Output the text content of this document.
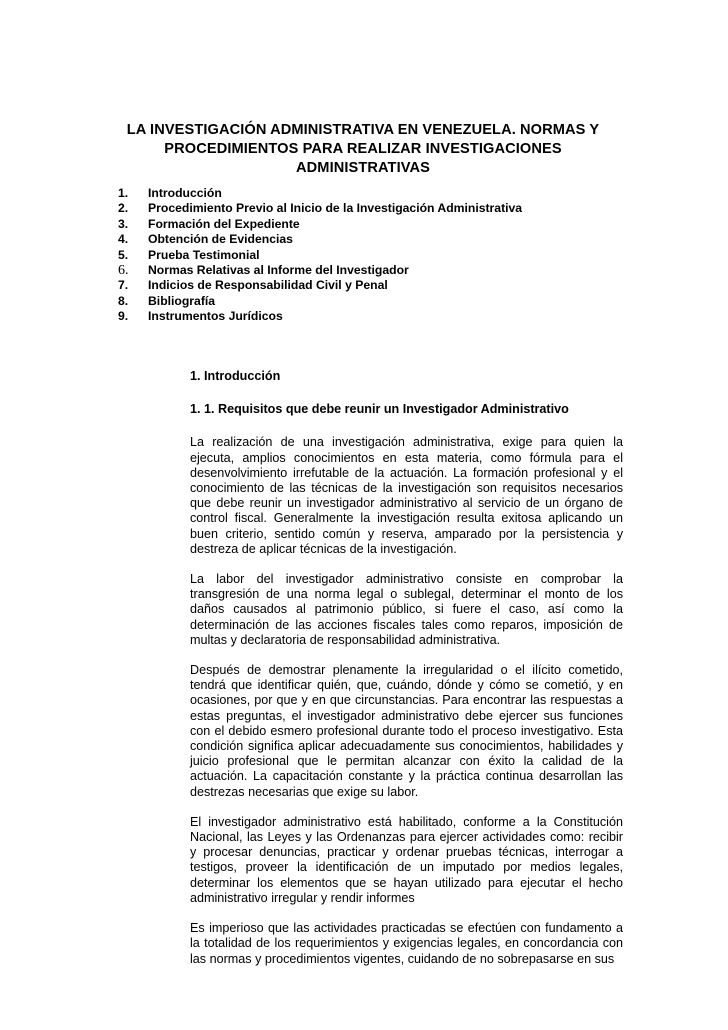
LA INVESTIGACIÓN ADMINISTRATIVA EN VENEZUELA. NORMAS Y PROCEDIMIENTOS PARA REALIZAR INVESTIGACIONES ADMINISTRATIVAS
1. Introducción
2. Procedimiento Previo al Inicio de la Investigación Administrativa
3. Formación del Expediente
4. Obtención de Evidencias
5. Prueba Testimonial
6. Normas Relativas al Informe del Investigador
7. Indicios de Responsabilidad Civil y Penal
8. Bibliografía
9. Instrumentos Jurídicos
1. Introducción
1. 1. Requisitos que debe reunir un Investigador Administrativo

La realización de una investigación administrativa, exige para quien la ejecuta, amplios conocimientos en esta materia, como fórmula para el desenvolvimiento irrefutable de la actuación. La formación profesional y el conocimiento de las técnicas de la investigación son requisitos necesarios que debe reunir un investigador administrativo al servicio de un órgano de control fiscal. Generalmente la investigación resulta exitosa aplicando un buen criterio, sentido común y reserva, amparado por la persistencia y destreza de aplicar técnicas de la investigación.

La labor del investigador administrativo consiste en comprobar la transgresión de una norma legal o sublegal, determinar el monto de los daños causados al patrimonio público, si fuere el caso, así como la determinación de las acciones fiscales tales como reparos, imposición de multas y declaratoria de responsabilidad administrativa.

Después de demostrar plenamente la irregularidad o el ilícito cometido, tendrá que identificar quién, que, cuándo, dónde y cómo se cometió, y en ocasiones, por que y en que circunstancias. Para encontrar las respuestas a estas preguntas, el investigador administrativo debe ejercer sus funciones con el debido esmero profesional durante todo el proceso investigativo. Esta condición significa aplicar adecuadamente sus conocimientos, habilidades y juicio profesional que le permitan alcanzar con éxito la calidad de la actuación. La capacitación constante y la práctica continua desarrollan las destrezas necesarias que exige su labor.

El investigador administrativo está habilitado, conforme a la Constitución Nacional, las Leyes y las Ordenanzas para ejercer actividades como: recibir y procesar denuncias, practicar y ordenar pruebas técnicas, interrogar a testigos, proveer la identificación de un imputado por medios legales, determinar los elementos que se hayan utilizado para ejecutar el hecho administrativo irregular y rendir informes

Es imperioso que las actividades practicadas se efectúen con fundamento a la totalidad de los requerimientos y exigencias legales, en concordancia con las normas y procedimientos vigentes, cuidando de no sobrepasarse en sus
